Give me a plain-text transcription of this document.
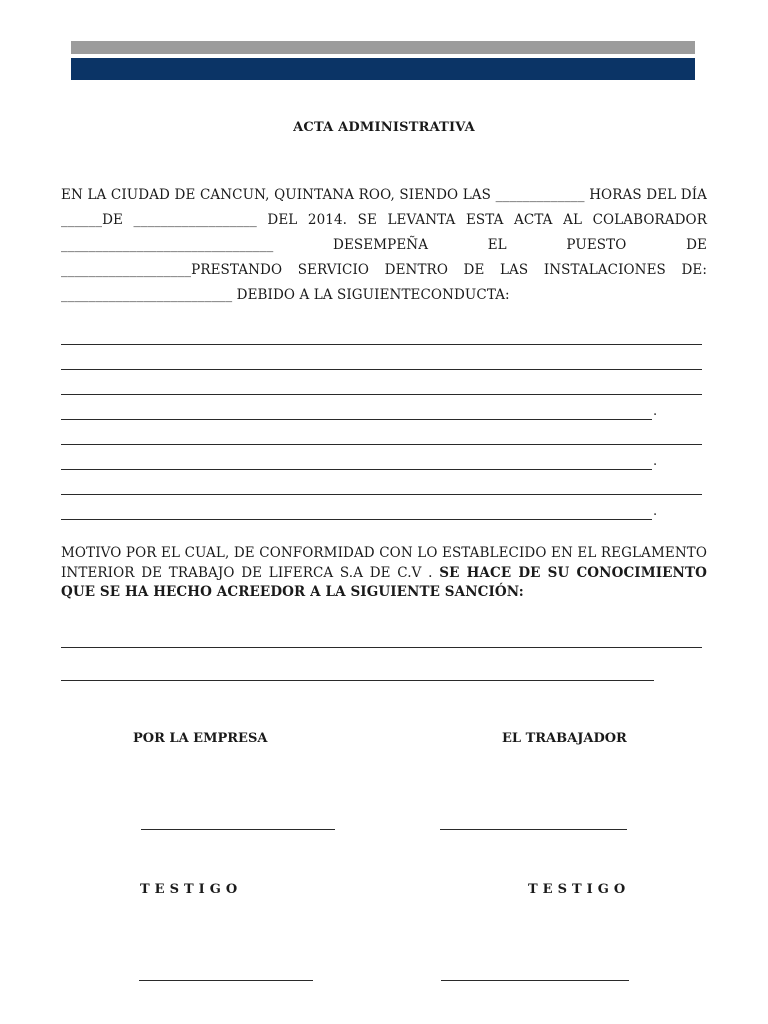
ACTA ADMINISTRATIVA
EN LA CIUDAD DE CANCUN, QUINTANA ROO, SIENDO LAS _____________ HORAS DEL DÍA ______DE __________________ DEL 2014. SE LEVANTA ESTA ACTA AL COLABORADOR _______________________________ DESEMPEÑA EL PUESTO DE ___________________PRESTANDO SERVICIO DENTRO DE LAS INSTALACIONES DE: _________________________ DEBIDO A LA SIGUIENTECONDUCTA:
.
.
.
MOTIVO POR EL CUAL, DE CONFORMIDAD CON LO ESTABLECIDO EN EL REGLAMENTO INTERIOR DE TRABAJO DE LIFERCA S.A DE C.V . SE HACE DE SU CONOCIMIENTO QUE SE HA HECHO ACREEDOR A LA SIGUIENTE SANCIÓN:
POR LA EMPRESA	EL TRABAJADOR
TESTIGO	TESTIGO
